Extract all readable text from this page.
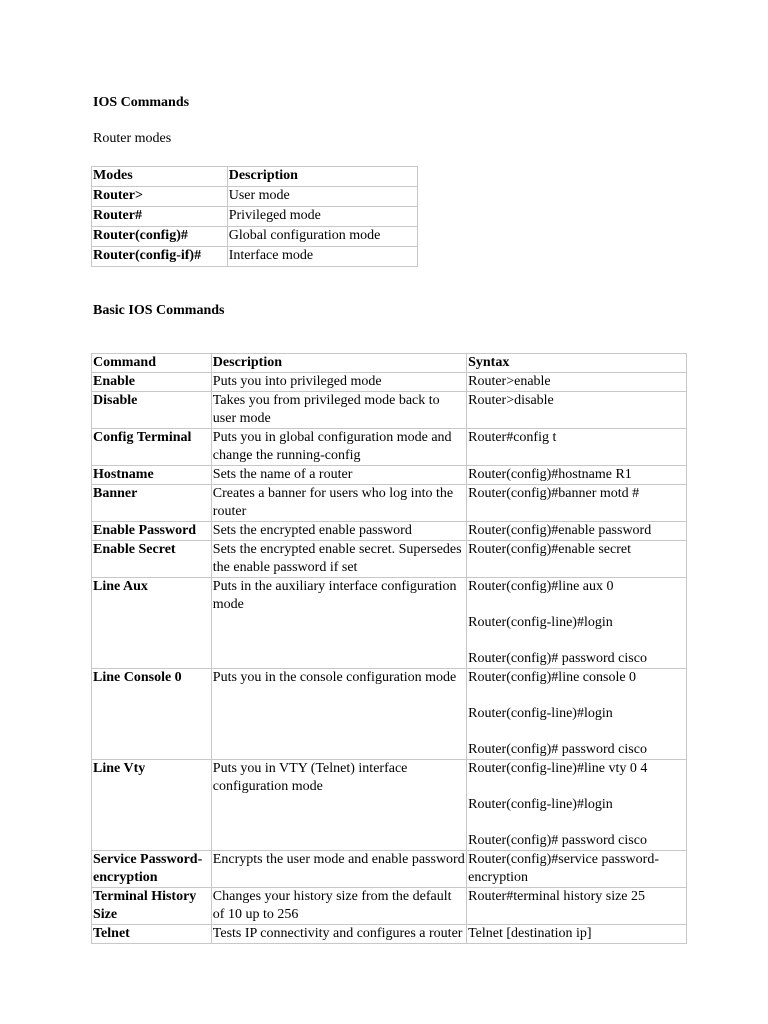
IOS Commands
Router modes
Modes	Description
Router>	User mode
Router#	Privileged mode
Router(config)#	Global configuration mode
Router(config-if)#	Interface mode
Basic IOS Commands
Command	Description	Syntax
Enable	Puts you into privileged mode	Router>enable

Disable	Takes you from privileged mode back to user mode	Router>disable

Config Terminal	Puts you in global configuration mode and change the running-config	Router#config t

Hostname	Sets the name of a router	Router(config)#hostname R1

Banner	Creates a banner for users who log into the router	Router(config)#banner motd #

Enable Password	Sets the encrypted enable password	Router(config)#enable password

Enable Secret	Sets the encrypted enable secret. Supersedes the enable password if set	Router(config)#enable secret

Line Aux	Puts in the auxiliary interface configuration mode	Router(config)#line aux 0
Router(config-line)#login
Router(config)# password cisco

Line Console 0	Puts you in the console configuration mode	Router(config)#line console 0
Router(config-line)#login
Router(config)# password cisco

Line Vty	Puts you in VTY (Telnet) interface configuration mode	Router(config-line)#line vty 0 4
Router(config-line)#login
Router(config)# password cisco

Service Password-encryption	Encrypts the user mode and enable password	Router(config)#service password-encryption

Terminal History Size	Changes your history size from the default of 10 up to 256	Router#terminal history size 25

Telnet	Tests IP connectivity and configures a router	Telnet [destination ip]
